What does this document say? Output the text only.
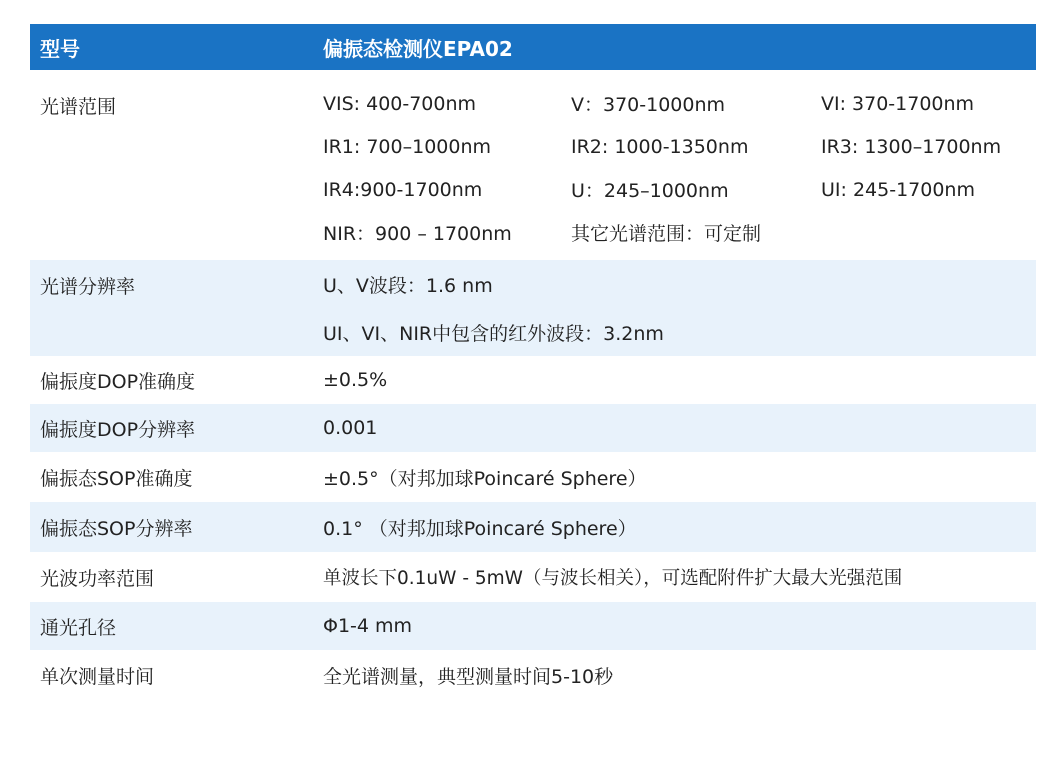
型号	偏振态检测仪EPA02
光谱范围	VIS: 400-700nm	V：370-1000nm	VI: 370-1700nm
IR1: 700–1000nm	IR2: 1000-1350nm	IR3: 1300–1700nm
IR4:900-1700nm	U：245–1000nm	UI: 245-1700nm
NIR：900 – 1700nm	其它光谱范围：可定制
光谱分辨率	U、V波段：1.6 nm
UI、VI、NIR中包含的红外波段：3.2nm
偏振度DOP准确度	±0.5%
偏振度DOP分辨率	0.001
偏振态SOP准确度	±0.5°（对邦加球Poincaré Sphere）
偏振态SOP分辨率	0.1° （对邦加球Poincaré Sphere）
光波功率范围	单波长下0.1uW - 5mW（与波长相关），可选配附件扩大最大光强范围
通光孔径	Φ1-4 mm
单次测量时间	全光谱测量，典型测量时间5-10秒
